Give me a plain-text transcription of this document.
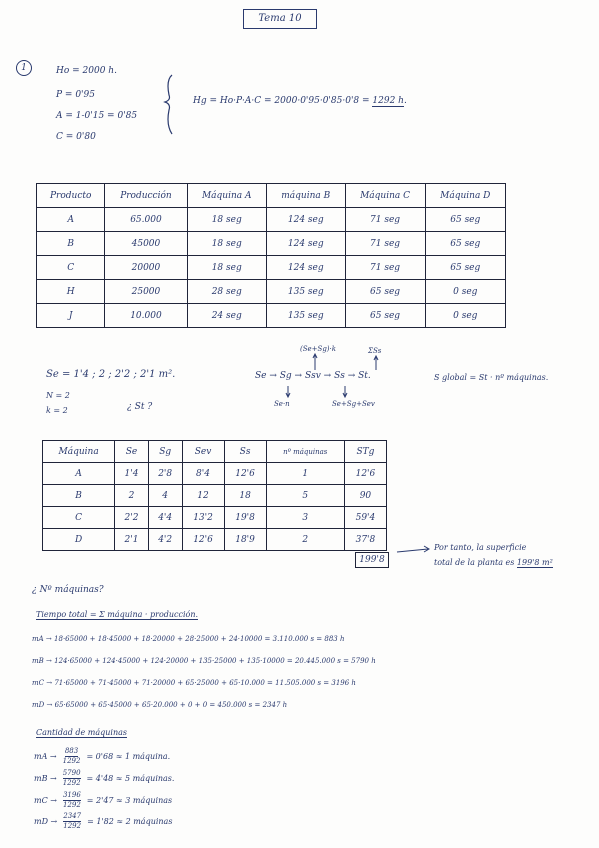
Tema 10
1	Ho = 2000 h.
P = 0'95
A = 1-0'15 = 0'85
C = 0'80
Hg = Ho·P·A·C = 2000·0'95·0'85·0'8 = 1292 h.
Producto	Producción	Máquina A	máquina B	Máquina C	Máquina D
A	65.000	18 seg	124 seg	71 seg	65 seg
B	45000	18 seg	124 seg	71 seg	65 seg
C	20000	18 seg	124 seg	71 seg	65 seg
H	25000	28 seg	135 seg	65 seg	0 seg
J	10.000	24 seg	135 seg	65 seg	0 seg
Se = 1'4 ; 2 ; 2'2 ; 2'1 m².
N = 2
k = 2	¿ St ?
(Se+Sg)·k	ΣSs
Se → Sg → Ssv → Ss → St.
Se·n	Se+Sg+Sev
S global = St · nº máquinas.
Máquina	Se	Sg	Sev	Ss	nº máquinas	STg
A	1'4	2'8	8'4	12'6	1	12'6
B	2	4	12	18	5	90
C	2'2	4'4	13'2	19'8	3	59'4
D	2'1	4'2	12'6	18'9	2	37'8
199'8
Por tanto, la superficie
total de la planta es 199'8 m²
¿ Nº máquinas?
Tiempo total = Σ máquina · producción.
mA → 18·65000 + 18·45000 + 18·20000 + 28·25000 + 24·10000 = 3.110.000 s = 883 h
mB → 124·65000 + 124·45000 + 124·20000 + 135·25000 + 135·10000 = 20.445.000 s = 5790 h
mC → 71·65000 + 71·45000 + 71·20000 + 65·25000 + 65·10.000 = 11.505.000 s = 3196 h
mD → 65·65000 + 65·45000 + 65·20.000 + 0 + 0 = 450.000 s = 2347 h
Cantidad de máquinas
mA → $\frac{883}{1292} = 0'68 \approx 1$ máquina.
mB → $\frac{5790}{1292} = 4'48 \approx 5$ máquinas.
mC → $\frac{3196}{1292} = 2'47 \approx 3$ máquinas
mD → $\frac{2347}{1292} = 1'82 \approx 2$ máquinas
